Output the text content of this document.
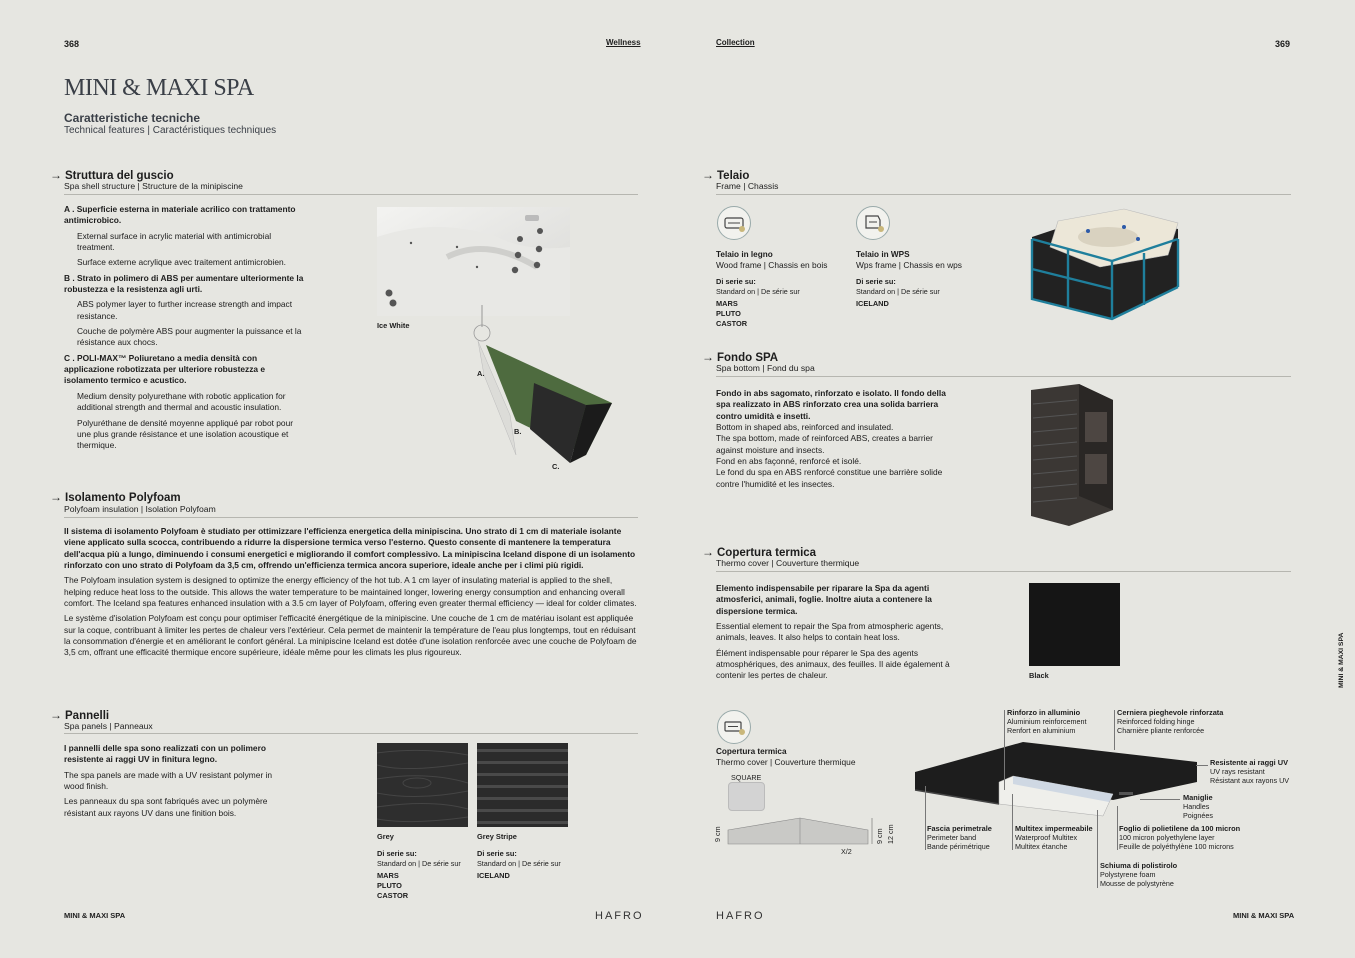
368	Wellness	Collection	369
MINI & MAXI SPA
Caratteristiche tecniche
Technical features | Caractéristiques techniques
→ Struttura del guscio
Spa shell structure | Structure de la minipiscine
A . Superficie esterna in materiale acrilico con trattamento antimicrobico.
External surface in acrylic material with antimicrobial treatment.
Surface externe acrylique avec traitement antimicrobien.
B . Strato in polimero di ABS per aumentare ulteriormente la robustezza e la resistenza agli urti.
ABS polymer layer to further increase strength and impact resistance.
Couche de polymère ABS pour augmenter la puissance et la résistance aux chocs.
C . POLI-MAX™ Poliuretano a media densità con applicazione robotizzata per ulteriore robustezza e isolamento termico e acustico.
Medium density polyurethane with robotic application for additional strength and thermal and acoustic insulation.
Polyuréthane de densité moyenne appliqué par robot pour une plus grande résistance et une isolation acoustique et thermique.
Ice White
A.
B.
C.
→ Isolamento Polyfoam
Polyfoam insulation | Isolation Polyfoam
Il sistema di isolamento Polyfoam è studiato per ottimizzare l'efficienza energetica della minipiscina. Uno strato di 1 cm di materiale isolante viene applicato sulla scocca, contribuendo a ridurre la dispersione termica verso l'esterno. Questo consente di mantenere la temperatura dell'acqua più a lungo, diminuendo i consumi energetici e migliorando il comfort complessivo. La minipiscina Iceland dispone di un isolamento rinforzato con uno strato di Polyfoam da 3,5 cm, offrendo un'efficienza termica ancora superiore, ideale anche per i climi più rigidi.
The Polyfoam insulation system is designed to optimize the energy efficiency of the hot tub. A 1 cm layer of insulating material is applied to the shell, helping reduce heat loss to the outside. This allows the water temperature to be maintained longer, lowering energy consumption and enhancing overall comfort. The Iceland spa features enhanced insulation with a 3.5 cm layer of Polyfoam, offering even greater thermal efficiency — ideal for colder climates.
Le système d'isolation Polyfoam est conçu pour optimiser l'efficacité énergétique de la minipiscine. Une couche de 1 cm de matériau isolant est appliquée sur la coque, contribuant à limiter les pertes de chaleur vers l'extérieur. Cela permet de maintenir la température de l'eau plus longtemps, tout en réduisant la consommation d'énergie et en améliorant le confort général. La minipiscine Iceland est dotée d'une isolation renforcée avec une couche de Polyfoam de 3,5 cm, offrant une efficacité thermique encore supérieure, idéale même pour les climats les plus rigoureux.
→ Pannelli
Spa panels | Panneaux
I pannelli delle spa sono realizzati con un polimero resistente ai raggi UV in finitura legno.
The spa panels are made with a UV resistant polymer in wood finish.
Les panneaux du spa sont fabriqués avec un polymère résistant aux rayons UV dans une finition bois.
Grey
Di serie su:
Standard on | De série sur
MARS
PLUTO
CASTOR
Grey Stripe
Di serie su:
Standard on | De série sur
ICELAND
→ Telaio
Frame | Chassis
Telaio in legno
Wood frame | Chassis en bois
Di serie su:
Standard on | De série sur
MARS
PLUTO
CASTOR
Telaio in WPS
Wps frame | Chassis en wps
Di serie su:
Standard on | De série sur
ICELAND
→ Fondo SPA
Spa bottom | Fond du spa
Fondo in abs sagomato, rinforzato e isolato. Il fondo della spa realizzato in ABS rinforzato crea una solida barriera contro umidità e insetti.
Bottom in shaped abs, reinforced and insulated.
The spa bottom, made of reinforced ABS, creates a barrier against moisture and insects.
Fond en abs façonné, renforcé et isolé.
Le fond du spa en ABS renforcé constitue une barrière solide contre l'humidité et les insectes.
→ Copertura termica
Thermo cover | Couverture thermique
Elemento indispensabile per riparare la Spa da agenti atmosferici, animali, foglie. Inoltre aiuta a contenere la dispersione termica.
Essential element to repair the Spa from atmospheric agents, animals, leaves. It also helps to contain heat loss.
Élément indispensable pour réparer le Spa des agents atmosphériques, des animaux, des feuilles. Il aide également à contenir les pertes de chaleur.	Black
Copertura termica
Thermo cover | Couverture thermique
SQUARE
9 cm	9 cm 12 cm
X/2
Rinforzo in alluminio
Aluminium reinforcement
Renfort en aluminium
Cerniera pieghevole rinforzata
Reinforced folding hinge
Charnière pliante renforcée
Resistente ai raggi UV
UV rays resistant
Résistant aux rayons UV
Maniglie
Handles
Poignées
Fascia perimetrale
Perimeter band
Bande périmétrique
Multitex impermeabile
Waterproof Multitex
Multitex étanche
Foglio di polietilene da 100 micron
100 micron polyethylene layer
Feuille de polyéthylène 100 microns
Schiuma di polistirolo
Polystyrene foam
Mousse de polystyrène
MINI & MAXI SPA
MINI & MAXI SPA	HAFRO	HAFRO	MINI & MAXI SPA
